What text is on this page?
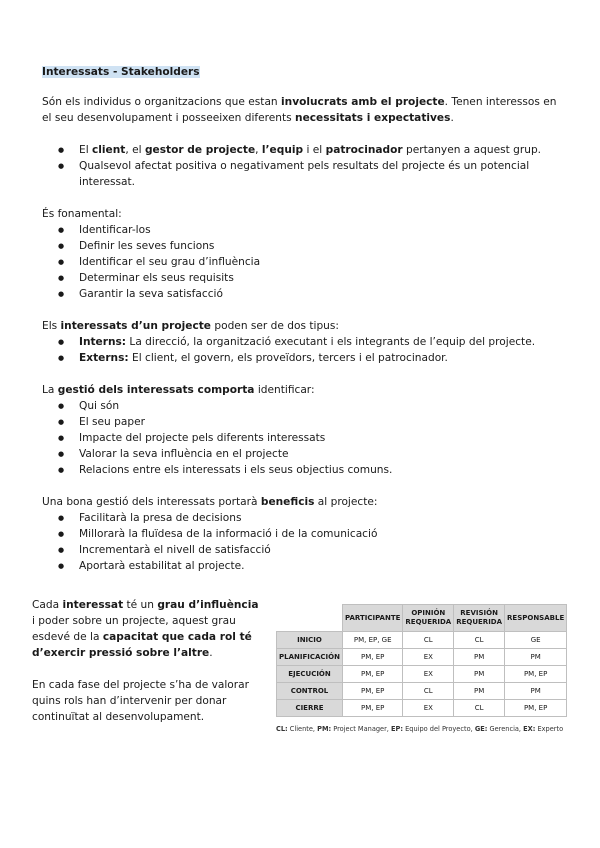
Interessats - Stakeholders

Són els individus o organitzacions que estan involucrats amb el projecte. Tenen interessos en el seu desenvolupament i posseeixen diferents necessitats i expectatives.

● El client, el gestor de projecte, l’equip i el patrocinador pertanyen a aquest grup.
● Qualsevol afectat positiva o negativament pels resultats del projecte és un potencial interessat.

És fonamental:

● Identificar-los
● Definir les seves funcions
● Identificar el seu grau d’influència
● Determinar els seus requisits
● Garantir la seva satisfacció

Els interessats d’un projecte poden ser de dos tipus:

● Interns: La direcció, la organització executant i els integrants de l’equip del projecte.
● Externs: El client, el govern, els proveïdors, tercers i el patrocinador.

La gestió dels interessats comporta identificar:

● Qui són
● El seu paper
● Impacte del projecte pels diferents interessats
● Valorar la seva influència en el projecte
● Relacions entre els interessats i els seus objectius comuns.

Una bona gestió dels interessats portarà beneficis al projecte:

● Facilitarà la presa de decisions
● Millorarà la fluïdesa de la informació i de la comunicació
● Incrementarà el nivell de satisfacció
● Aportarà estabilitat al projecte.

Cada interessat té un grau d’influència i poder sobre un projecte, aquest grau esdevé de la capacitat que cada rol té d’exercir pressió sobre l’altre.

En cada fase del projecte s’ha de valorar quins rols han d’intervenir per donar continuïtat al desenvolupament.

	PARTICIPANTE	OPINIÓN REQUERIDA	REVISIÓN REQUERIDA	RESPONSABLE
INICIO	PM, EP, GE	CL	CL	GE
PLANIFICACIÓN	PM, EP	EX	PM	PM
EJECUCIÓN	PM, EP	EX	PM	PM, EP
CONTROL	PM, EP	CL	PM	PM
CIERRE	PM, EP	EX	CL	PM, EP
CL: Cliente, PM: Project Manager, EP: Equipo del Proyecto, GE: Gerencia, EX: Experto
